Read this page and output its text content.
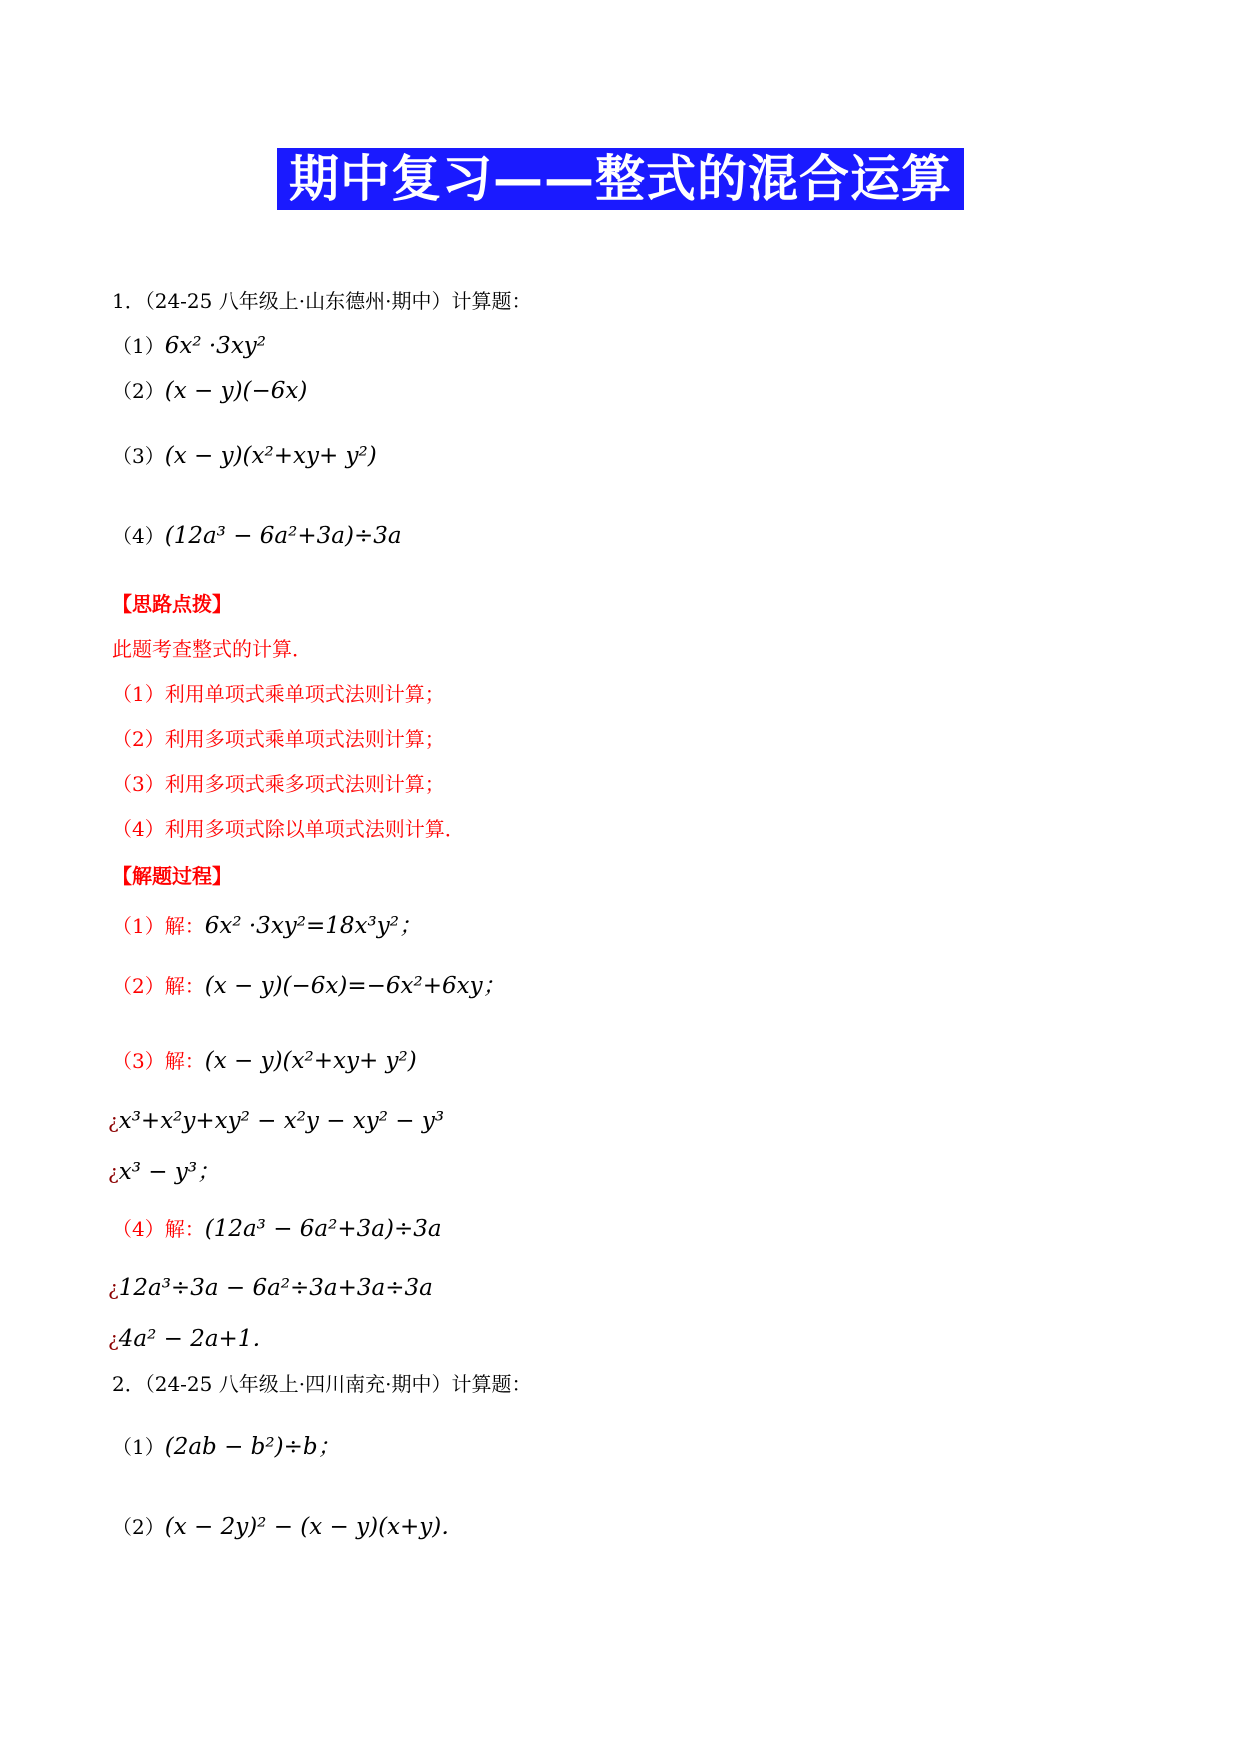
期中复习——整式的混合运算
1．（24-25 八年级上·山东德州·期中）计算题：
（1）6x² ·3xy²
（2）(x − y)(−6x)
（3）(x − y)(x²+xy+ y²)
（4）(12a³ − 6a²+3a)÷3a
【思路点拨】
此题考查整式的计算．
（1）利用单项式乘单项式法则计算；
（2）利用多项式乘单项式法则计算；
（3）利用多项式乘多项式法则计算；
（4）利用多项式除以单项式法则计算．
【解题过程】
（1）解：6x² ·3xy²=18x³y²；
（2）解：(x − y)(−6x)=−6x²+6xy；
（3）解：(x − y)(x²+xy+ y²)
¿x³+x²y+xy² − x²y − xy² − y³
¿x³ − y³；
（4）解：(12a³ − 6a²+3a)÷3a
¿12a³÷3a − 6a²÷3a+3a÷3a
¿4a² − 2a+1．
2．（24-25 八年级上·四川南充·期中）计算题：
（1）(2ab − b²)÷b；
（2）(x − 2y)² − (x − y)(x+y)．
